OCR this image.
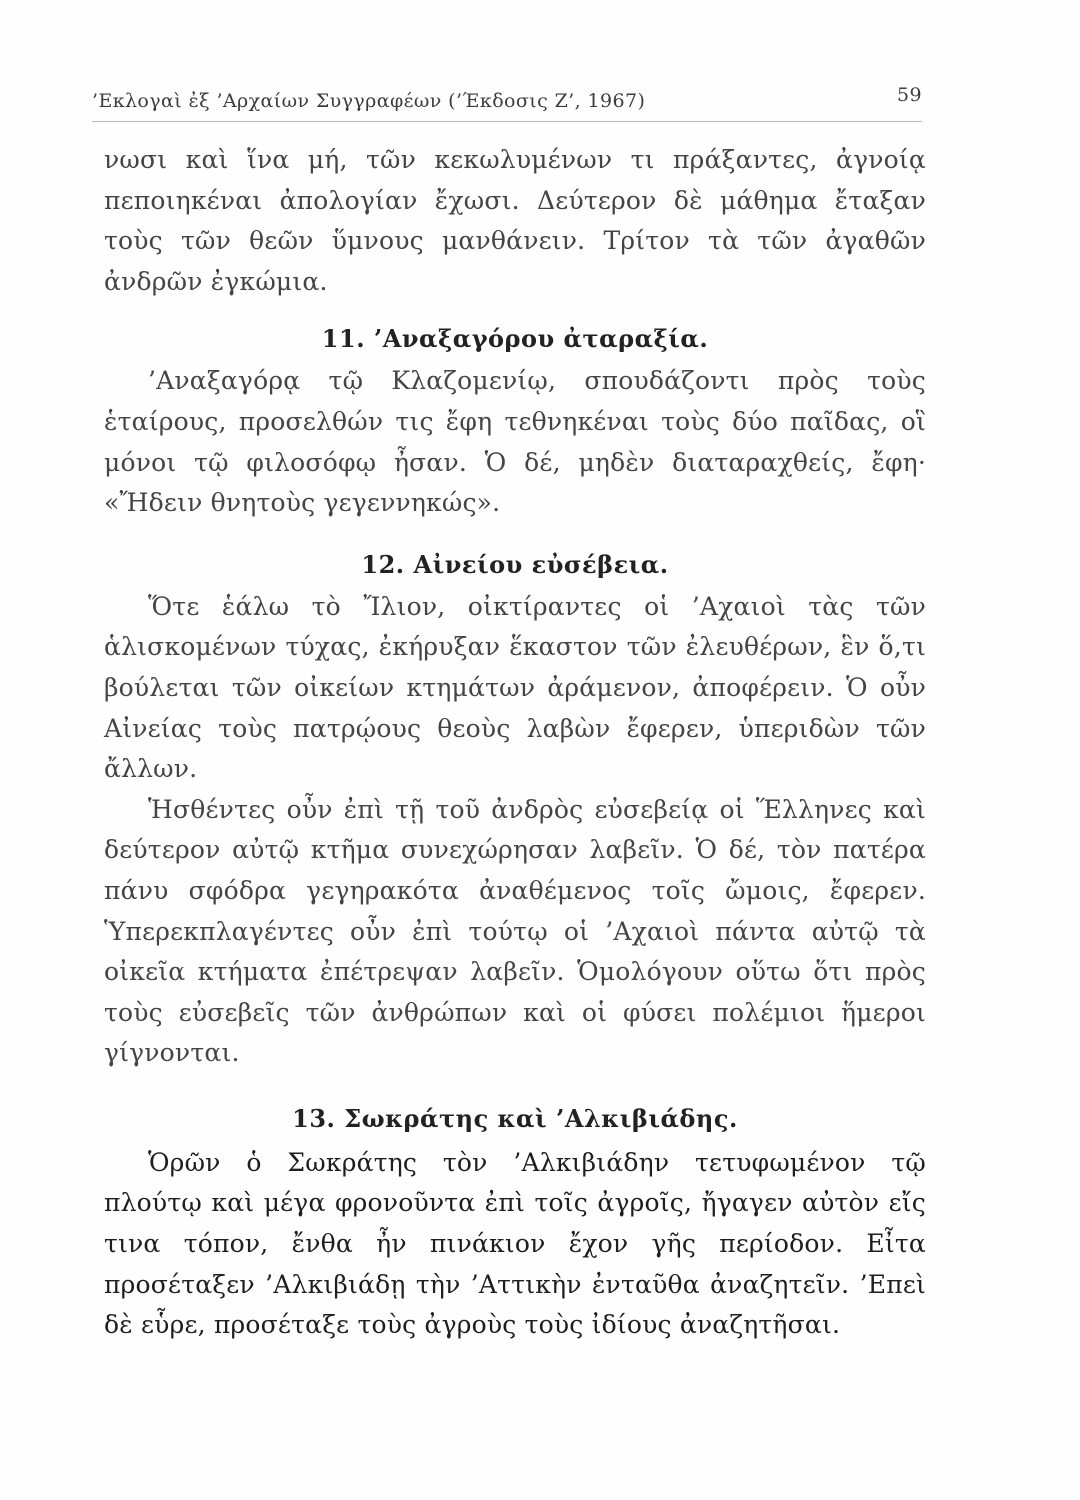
’Εκλογαὶ ἐξ ’Αρχαίων Συγγραφέων (’Έκδοσις Ζ’, 1967)	59

νωσι καὶ ἵνα μή, τῶν κεκωλυμένων τι πράξαντες, ἀγνοίᾳ πεποιηκέναι ἀπολογίαν ἔχωσι. Δεύτερον δὲ μάθημα ἔταξαν τοὺς τῶν θεῶν ὕμνους μανθάνειν. Τρίτον τὰ τῶν ἀγαθῶν ἀνδρῶν ἐγκώμια.

11. ’Αναξαγόρου ἀταραξία.

’Αναξαγόρᾳ τῷ Κλαζομενίῳ, σπουδάζοντι πρὸς τοὺς ἑταίρους, προσελθών τις ἔφη τεθνηκέναι τοὺς δύο παῖδας, οἳ μόνοι τῷ φιλοσόφῳ ἦσαν. Ὁ δέ, μηδὲν διαταραχθείς, ἔφη· «Ἤδειν θνητοὺς γεγεννηκώς».

12. Αἰνείου εὐσέβεια.

Ὅτε ἑάλω τὸ Ἴλιον, οἰκτίραντες οἱ ’Αχαιοὶ τὰς τῶν ἁλισκομένων τύχας, ἐκήρυξαν ἕκαστον τῶν ἐλευθέρων, ἓν ὅ,τι βούλεται τῶν οἰκείων κτημάτων ἀράμενον, ἀποφέρειν. Ὁ οὖν Αἰνείας τοὺς πατρῴους θεοὺς λαβὼν ἔφερεν, ὑπεριδὼν τῶν ἄλλων.

Ἡσθέντες οὖν ἐπὶ τῇ τοῦ ἀνδρὸς εὐσεβείᾳ οἱ Ἕλληνες καὶ δεύτερον αὐτῷ κτῆμα συνεχώρησαν λαβεῖν. Ὁ δέ, τὸν πατέρα πάνυ σφόδρα γεγηρακότα ἀναθέμενος τοῖς ὤμοις, ἔφερεν. Ὑπερεκπλαγέντες οὖν ἐπὶ τούτῳ οἱ ’Αχαιοὶ πάντα αὐτῷ τὰ οἰκεῖα κτήματα ἐπέτρεψαν λαβεῖν. Ὁμολόγουν οὕτω ὅτι πρὸς τοὺς εὐσεβεῖς τῶν ἀνθρώπων καὶ οἱ φύσει πολέμιοι ἥμεροι γίγνονται.

13. Σωκράτης καὶ ’Αλκιβιάδης.

Ὁρῶν ὁ Σωκράτης τὸν ’Αλκιβιάδην τετυφωμένον τῷ πλούτῳ καὶ μέγα φρονοῦντα ἐπὶ τοῖς ἀγροῖς, ἤγαγεν αὐτὸν εἴς τινα τόπον, ἔνθα ἦν πινάκιον ἔχον γῆς περίοδον. Εἶτα προσέταξεν ’Αλκιβιάδῃ τὴν ’Αττικὴν ἐνταῦθα ἀναζητεῖν. ’Επεὶ δὲ εὗρε, προσέταξε τοὺς ἀγροὺς τοὺς ἰδίους ἀναζητῆσαι.
